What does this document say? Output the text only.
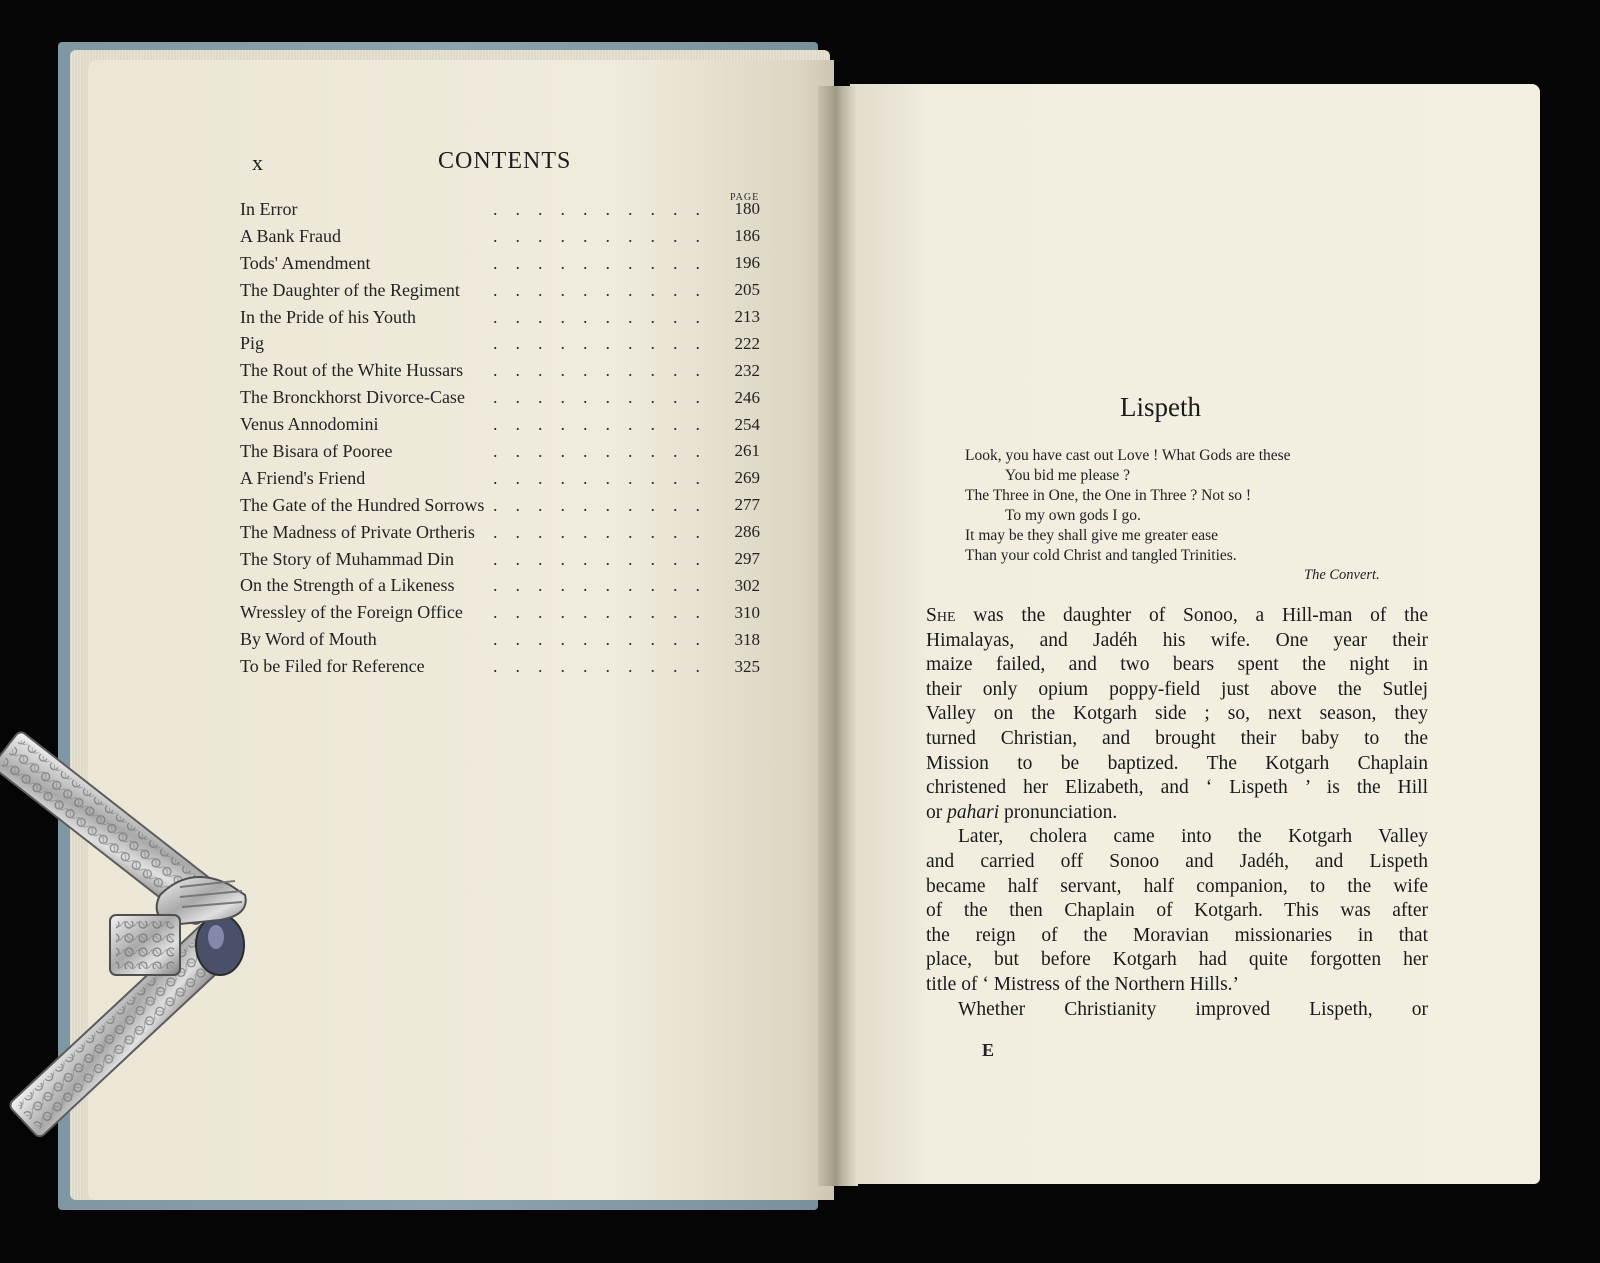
x	CONTENTS
PAGE
In Error	.......... 180
A Bank Fraud	.......... 186
Tods' Amendment	.......... 196
The Daughter of the Regiment	.......... 205
In the Pride of his Youth	.......... 213
Pig	.......... 222
The Rout of the White Hussars	.......... 232
The Bronckhorst Divorce-Case	.......... 246
Venus Annodomini	.......... 254
The Bisara of Pooree	.......... 261
A Friend's Friend	.......... 269
The Gate of the Hundred Sorrows .......... 277
The Madness of Private Ortheris	.......... 286
The Story of Muhammad Din	.......... 297
On the Strength of a Likeness	.......... 302
Wressley of the Foreign Office	.......... 310
By Word of Mouth	.......... 318
To be Filed for Reference	.......... 325
Lispeth
Look, you have cast out Love ! What Gods are these
You bid me please ?
The Three in One, the One in Three ? Not so !
To my own gods I go.
It may be they shall give me greater ease
Than your cold Christ and tangled Trinities.
The Convert.
She was the daughter of Sonoo, a Hill-man of the
Himalayas, and Jadéh his wife. One year their
maize failed, and two bears spent the night in
their only opium poppy-field just above the Sutlej
Valley on the Kotgarh side ; so, next season, they
turned Christian, and brought their baby to the
Mission to be baptized. The Kotgarh Chaplain
christened her Elizabeth, and ‘ Lispeth ’ is the Hill
or pahari pronunciation.
Later, cholera came into the Kotgarh Valley
and carried off Sonoo and Jadéh, and Lispeth
became half servant, half companion, to the wife
of the then Chaplain of Kotgarh. This was after
the reign of the Moravian missionaries in that
place, but before Kotgarh had quite forgotten her
title of ‘ Mistress of the Northern Hills.’
Whether Christianity improved Lispeth, or
E
